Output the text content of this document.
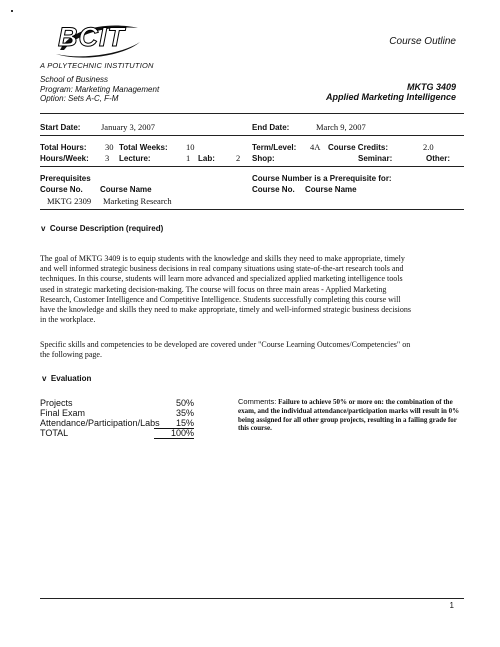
BCIT
A POLYTECHNIC INSTITUTION
Course Outline
School of Business
Program: Marketing Management
Option: Sets A-C, F-M
MKTG 3409
Applied Marketing Intelligence
Start Date: January 3, 2007	End Date:	March 9, 2007
Total Hours: 30 Total Weeks: 10	Term/Level: 4A Course Credits:	2.0
Hours/Week: 3 Lecture:	1 Lab: 2 Shop:	Seminar:	Other:
Prerequisites	Course Number is a Prerequisite for:
Course No. Course Name	Course No. Course Name
MKTG 2309 Marketing Research
v Course Description (required)
The goal of MKTG 3409 is to equip students with the knowledge and skills they need to make appropriate, timely
and well informed strategic business decisions in real company situations using state-of-the-art research tools and
techniques. In this course, students will learn more advanced and specialized applied marketing intelligence tools
used in strategic marketing decision-making. The course will focus on three main areas - Applied Marketing
Research, Customer Intelligence and Competitive Intelligence. Students successfully completing this course will
have the knowledge and skills they need to make appropriate, timely and well-informed strategic business decisions
in the workplace.
Specific skills and competencies to be developed are covered under "Course Learning Outcomes/Competencies" on
the following page.
v Evaluation
Projects	50%
Final Exam	35%
Attendance/Participation/Labs	15%
TOTAL	100%
Comments: Failure to achieve 50% or more on: the combination of the exam, and the individual attendance/participation marks will result in 0% being assigned for all other group projects, resulting in a failing grade for this course.
1
